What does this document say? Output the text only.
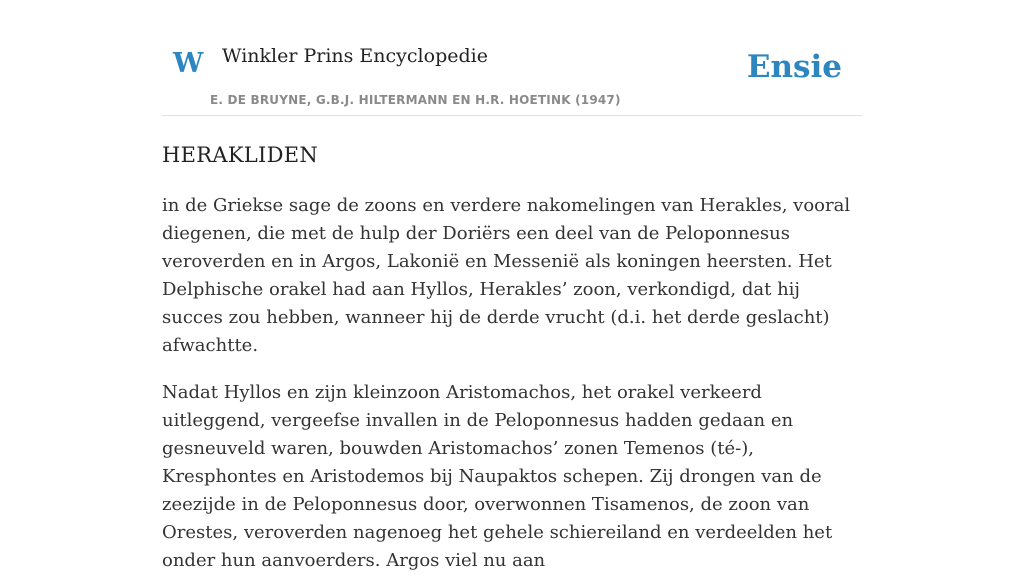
W Winkler Prins Encyclopedie
E. DE BRUYNE, G.B.J. HILTERMANN EN H.R. HOETINK (1947)
Ensie
HERAKLIDEN

in de Griekse sage de zoons en verdere nakomelingen van Herakles, vooral diegenen, die met de hulp der Doriërs een deel van de Peloponnesus veroverden en in Argos, Lakonië en Messenië als koningen heersten. Het Delphische orakel had aan Hyllos, Herakles’ zoon, verkondigd, dat hij succes zou hebben, wanneer hij de derde vrucht (d.i. het derde geslacht) afwachtte.

Nadat Hyllos en zijn kleinzoon Aristomachos, het orakel verkeerd uitleggend, vergeefse invallen in de Peloponnesus hadden gedaan en gesneuveld waren, bouwden Aristomachos’ zonen Temenos (té-), Kresphontes en Aristodemos bij Naupaktos schepen. Zij drongen van de zeezijde in de Peloponnesus door, overwonnen Tisamenos, de zoon van Orestes, veroverden nagenoeg het gehele schiereiland en verdeelden het onder hun aanvoerders. Argos viel nu aan
